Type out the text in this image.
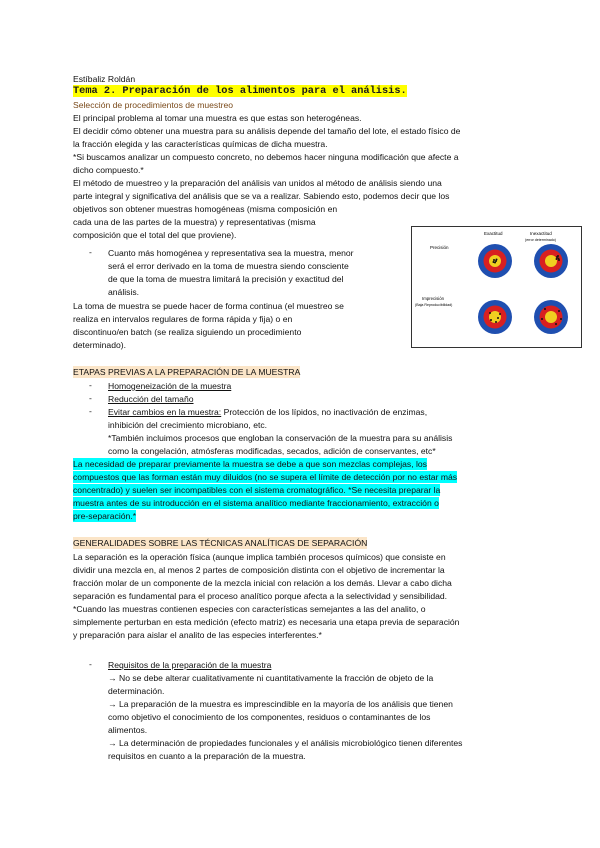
Estíbaliz Roldán
Tema 2. Preparación de los alimentos para el análisis.
Selección de procedimientos de muestreo
El principal problema al tomar una muestra es que estas son heterogéneas.
El decidir cómo obtener una muestra para su análisis depende del tamaño del lote, el estado físico de
la fracción elegida y las características químicas de dicha muestra.
*Si buscamos analizar un compuesto concreto, no debemos hacer ninguna modificación que afecte a
dicho compuesto.*
El método de muestreo y la preparación del análisis van unidos al método de análisis siendo una
parte integral y significativa del análisis que se va a realizar. Sabiendo esto, podemos decir que los
objetivos son obtener muestras homogéneas (misma composición en
cada una de las partes de la muestra) y representativas (misma
composición que el total del que proviene).
- Cuanto más homogénea y representativa sea la muestra, menor
será el error derivado en la toma de muestra siendo consciente
de que la toma de muestra limitará la precisión y exactitud del
análisis.
La toma de muestra se puede hacer de forma continua (el muestreo se
realiza en intervalos regulares de forma rápida y fija) o en
discontinuo/en batch (se realiza siguiendo un procedimiento
determinado).
Exactitud	Inexactitud
(error determinado)
Precisión
Imprecisión
(Baja Reproducibilidad)
ETAPAS PREVIAS A LA PREPARACIÓN DE LA MUESTRA
- Homogeneización de la muestra
- Reducción del tamaño
- Evitar cambios en la muestra: Protección de los lípidos, no inactivación de enzimas,
inhibición del crecimiento microbiano, etc.
*También incluimos procesos que engloban la conservación de la muestra para su análisis
como la congelación, atmósferas modificadas, secados, adición de conservantes, etc*
La necesidad de preparar previamente la muestra se debe a que son mezclas complejas, los
compuestos que las forman están muy diluidos (no se supera el límite de detección por no estar más
concentrado) y suelen ser incompatibles con el sistema cromatográfico. *Se necesita preparar la
muestra antes de su introducción en el sistema analítico mediante fraccionamiento, extracción o
pre-separación.*
GENERALIDADES SOBRE LAS TÉCNICAS ANALÍTICAS DE SEPARACIÓN
La separación es la operación física (aunque implica también procesos químicos) que consiste en
dividir una mezcla en, al menos 2 partes de composición distinta con el objetivo de incrementar la
fracción molar de un componente de la mezcla inicial con relación a los demás. Llevar a cabo dicha
separación es fundamental para el proceso analítico porque afecta a la selectividad y sensibilidad.
*Cuando las muestras contienen especies con características semejantes a las del analito, o
simplemente perturban en esta medición (efecto matriz) es necesaria una etapa previa de separación
y preparación para aislar el analito de las especies interferentes.*
- Requisitos de la preparación de la muestra
→ No se debe alterar cualitativamente ni cuantitativamente la fracción de objeto de la
determinación.
→ La preparación de la muestra es imprescindible en la mayoría de los análisis que tienen
como objetivo el conocimiento de los componentes, residuos o contaminantes de los
alimentos.
→ La determinación de propiedades funcionales y el análisis microbiológico tienen diferentes
requisitos en cuanto a la preparación de la muestra.
